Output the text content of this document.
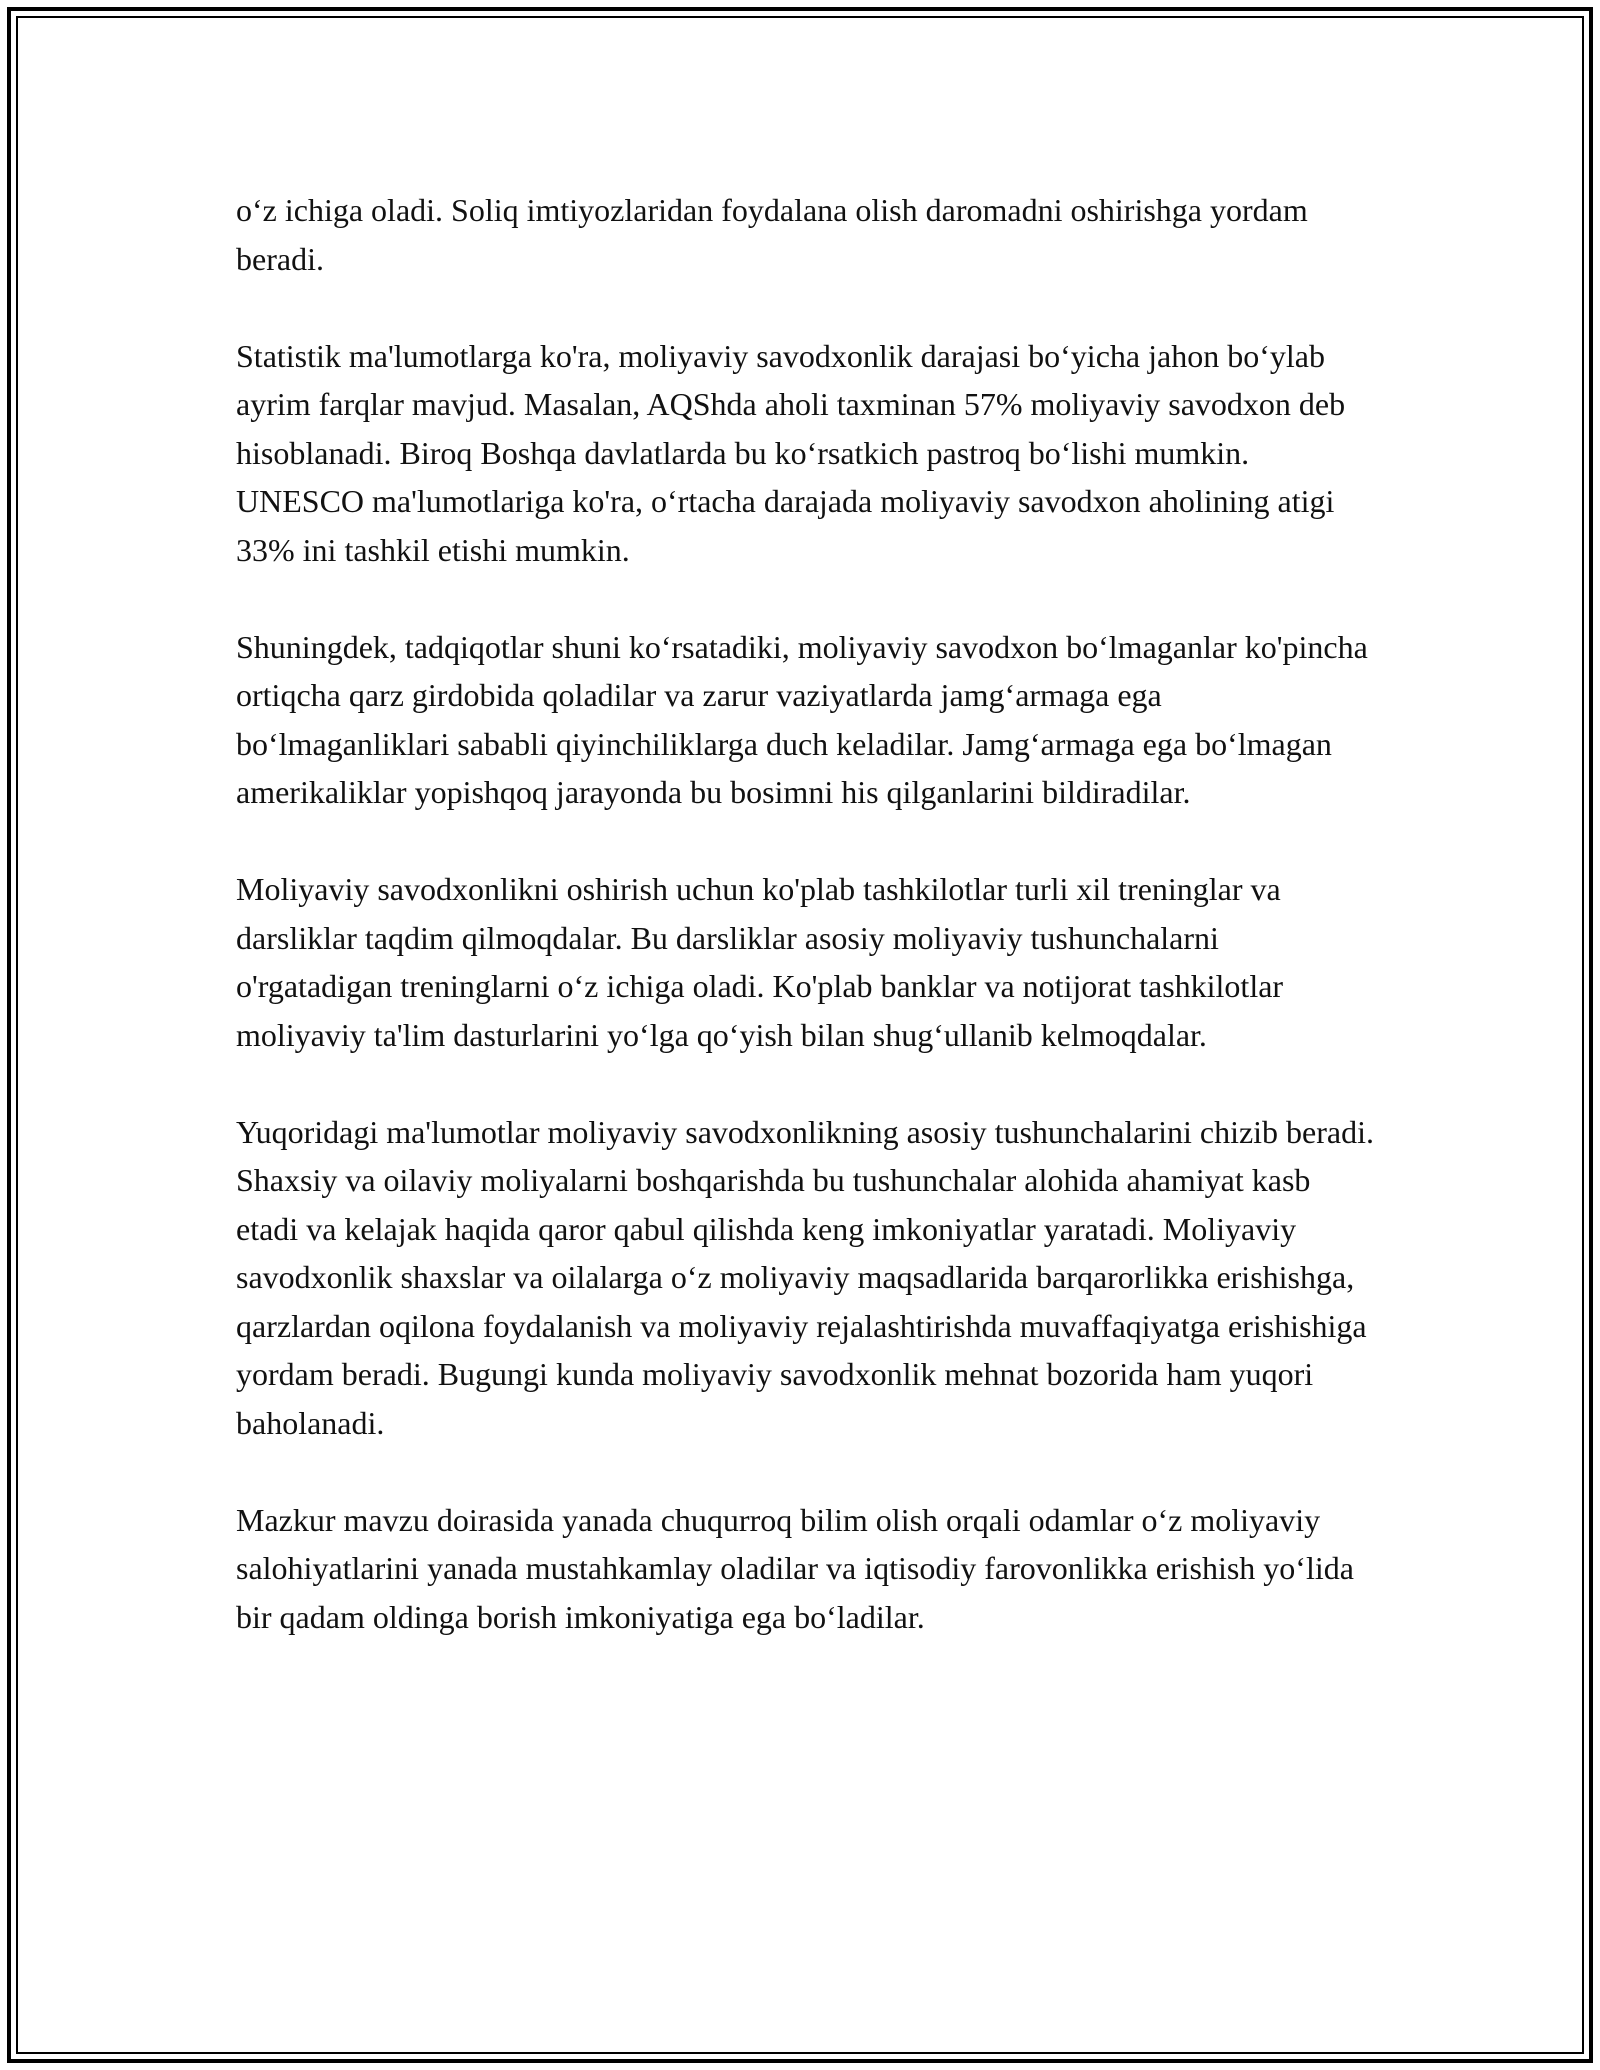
o‘z ichiga oladi. Soliq imtiyozlaridan foydalana olish daromadni oshirishga yordam beradi.

Statistik ma'lumotlarga ko'ra, moliyaviy savodxonlik darajasi bo‘yicha jahon bo‘ylab ayrim farqlar mavjud. Masalan, AQShda aholi taxminan 57% moliyaviy savodxon deb hisoblanadi. Biroq Boshqa davlatlarda bu ko‘rsatkich pastroq bo‘lishi mumkin. UNESCO ma'lumotlariga ko'ra, o‘rtacha darajada moliyaviy savodxon aholining atigi 33% ini tashkil etishi mumkin.

Shuningdek, tadqiqotlar shuni ko‘rsatadiki, moliyaviy savodxon bo‘lmaganlar ko'pincha ortiqcha qarz girdobida qoladilar va zarur vaziyatlarda jamg‘armaga ega bo‘lmaganliklari sababli qiyinchiliklarga duch keladilar. Jamg‘armaga ega bo‘lmagan amerikaliklar yopishqoq jarayonda bu bosimni his qilganlarini bildiradilar.

Moliyaviy savodxonlikni oshirish uchun ko'plab tashkilotlar turli xil treninglar va darsliklar taqdim qilmoqdalar. Bu darsliklar asosiy moliyaviy tushunchalarni o'rgatadigan treninglarni o‘z ichiga oladi. Ko'plab banklar va notijorat tashkilotlar moliyaviy ta'lim dasturlarini yo‘lga qo‘yish bilan shug‘ullanib kelmoqdalar.

Yuqoridagi ma'lumotlar moliyaviy savodxonlikning asosiy tushunchalarini chizib beradi. Shaxsiy va oilaviy moliyalarni boshqarishda bu tushunchalar alohida ahamiyat kasb etadi va kelajak haqida qaror qabul qilishda keng imkoniyatlar yaratadi. Moliyaviy savodxonlik shaxslar va oilalarga o‘z moliyaviy maqsadlarida barqarorlikka erishishga, qarzlardan oqilona foydalanish va moliyaviy rejalashtirishda muvaffaqiyatga erishishiga yordam beradi. Bugungi kunda moliyaviy savodxonlik mehnat bozorida ham yuqori baholanadi.

Mazkur mavzu doirasida yanada chuqurroq bilim olish orqali odamlar o‘z moliyaviy salohiyatlarini yanada mustahkamlay oladilar va iqtisodiy farovonlikka erishish yo‘lida bir qadam oldinga borish imkoniyatiga ega bo‘ladilar.
